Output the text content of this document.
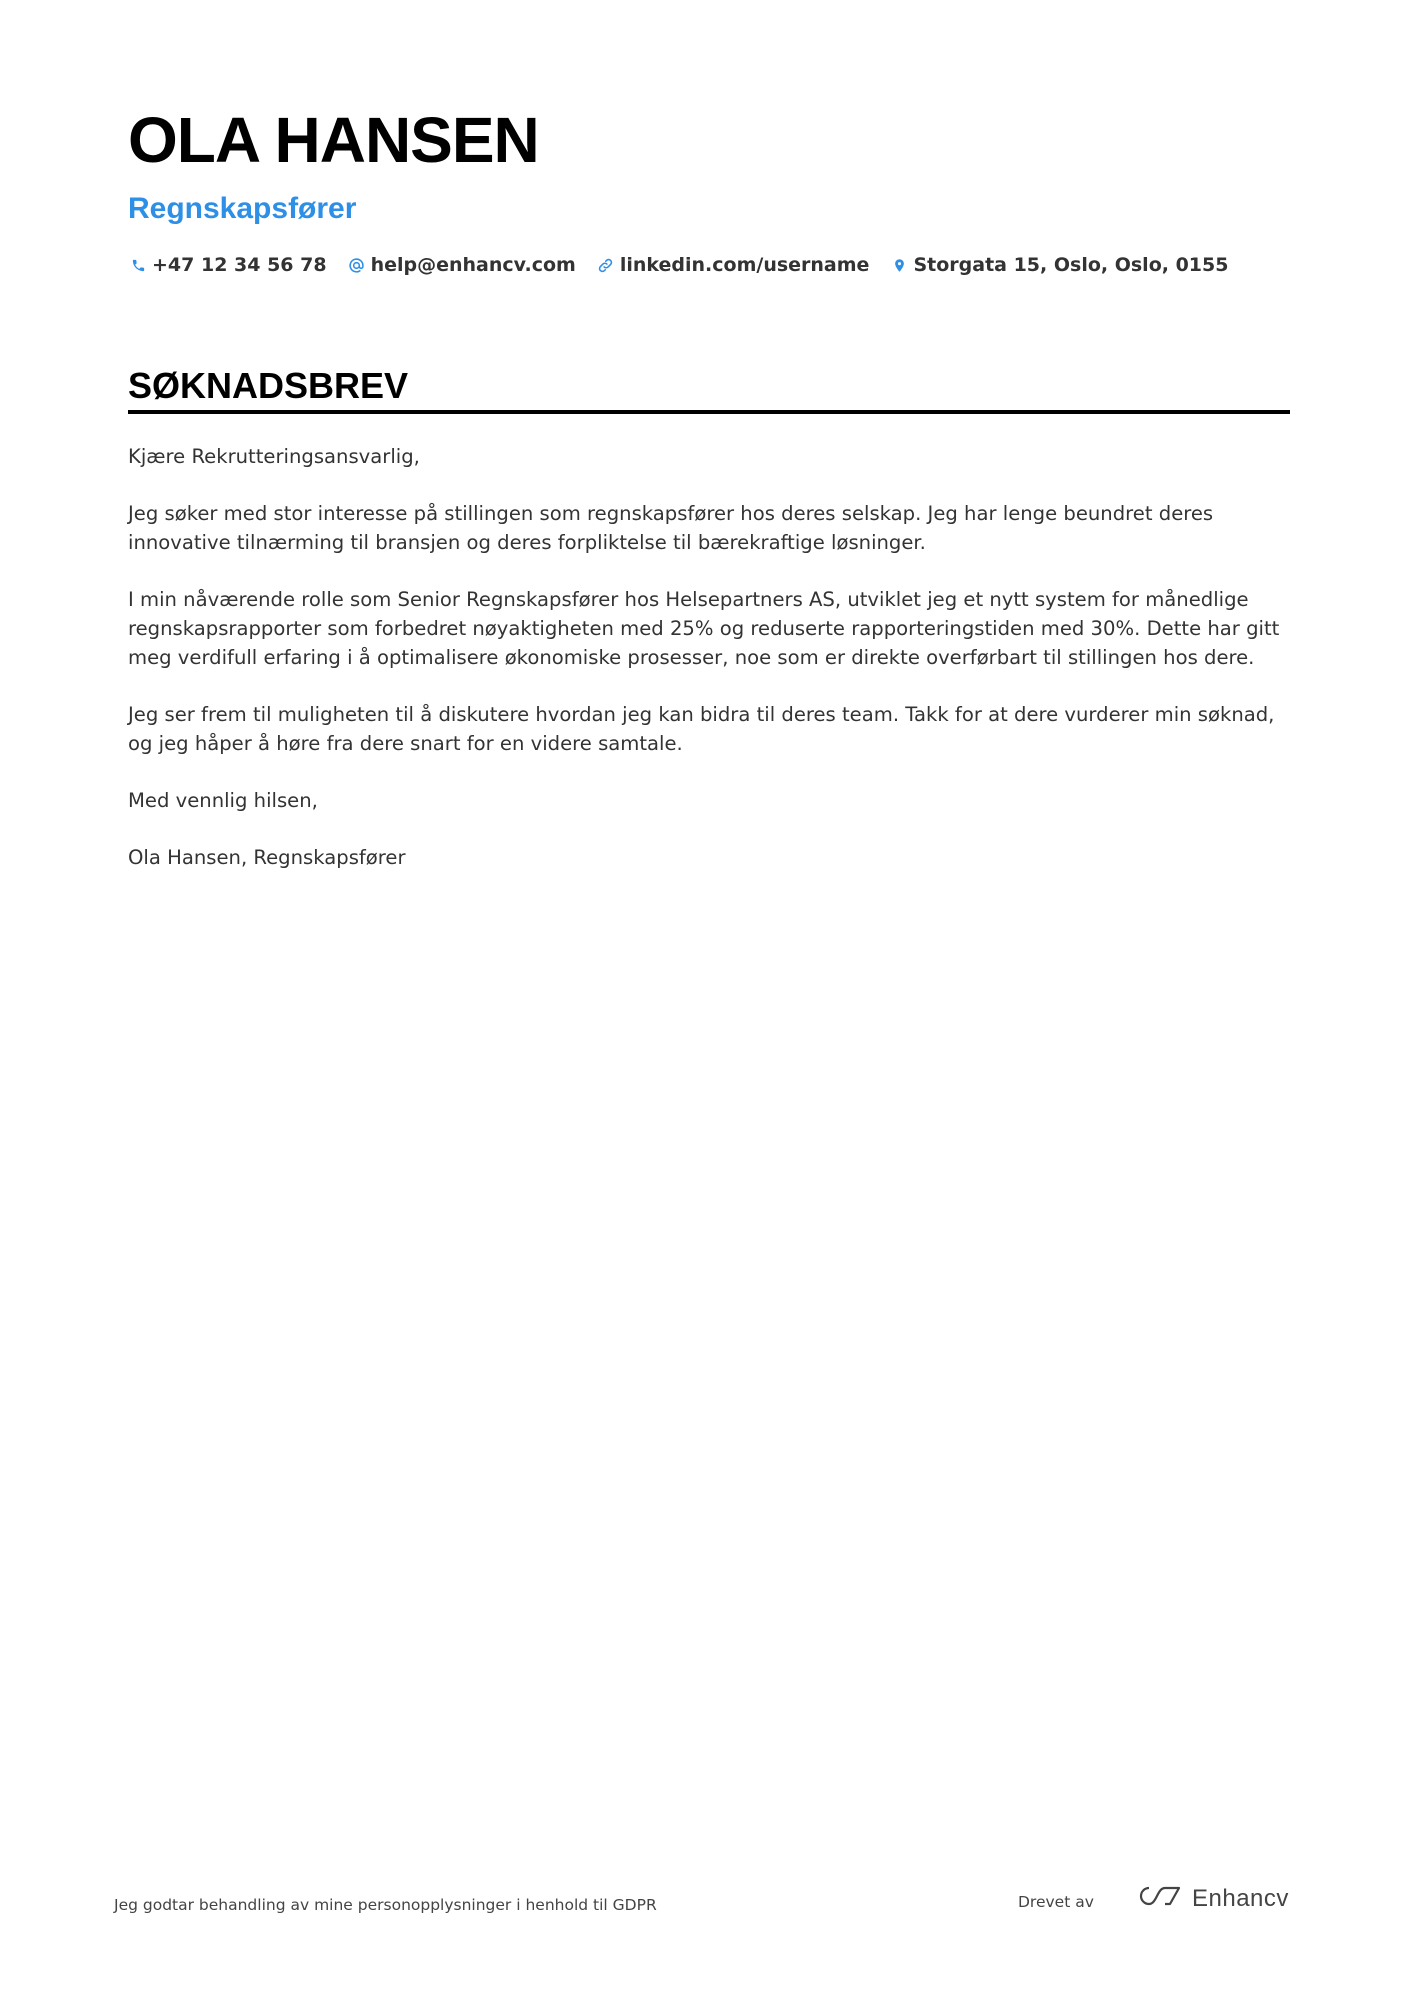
OLA HANSEN
Regnskapsfører
+47 12 34 56 78 help@enhancv.com linkedin.com/username Storgata 15, Oslo, Oslo, 0155
SØKNADSBREV

Kjære Rekrutteringsansvarlig,

Jeg søker med stor interesse på stillingen som regnskapsfører hos deres selskap. Jeg har lenge beundret deres innovative tilnærming til bransjen og deres forpliktelse til bærekraftige løsninger.

I min nåværende rolle som Senior Regnskapsfører hos Helsepartners AS, utviklet jeg et nytt system for månedlige regnskapsrapporter som forbedret nøyaktigheten med 25% og reduserte rapporteringstiden med 30%. Dette har gitt meg verdifull erfaring i å optimalisere økonomiske prosesser, noe som er direkte overførbart til stillingen hos dere.

Jeg ser frem til muligheten til å diskutere hvordan jeg kan bidra til deres team. Takk for at dere vurderer min søknad, og jeg håper å høre fra dere snart for en videre samtale.

Med vennlig hilsen,

Ola Hansen, Regnskapsfører

Jeg godtar behandling av mine personopplysninger i henhold til GDPR	Drevet av	Enhancv
